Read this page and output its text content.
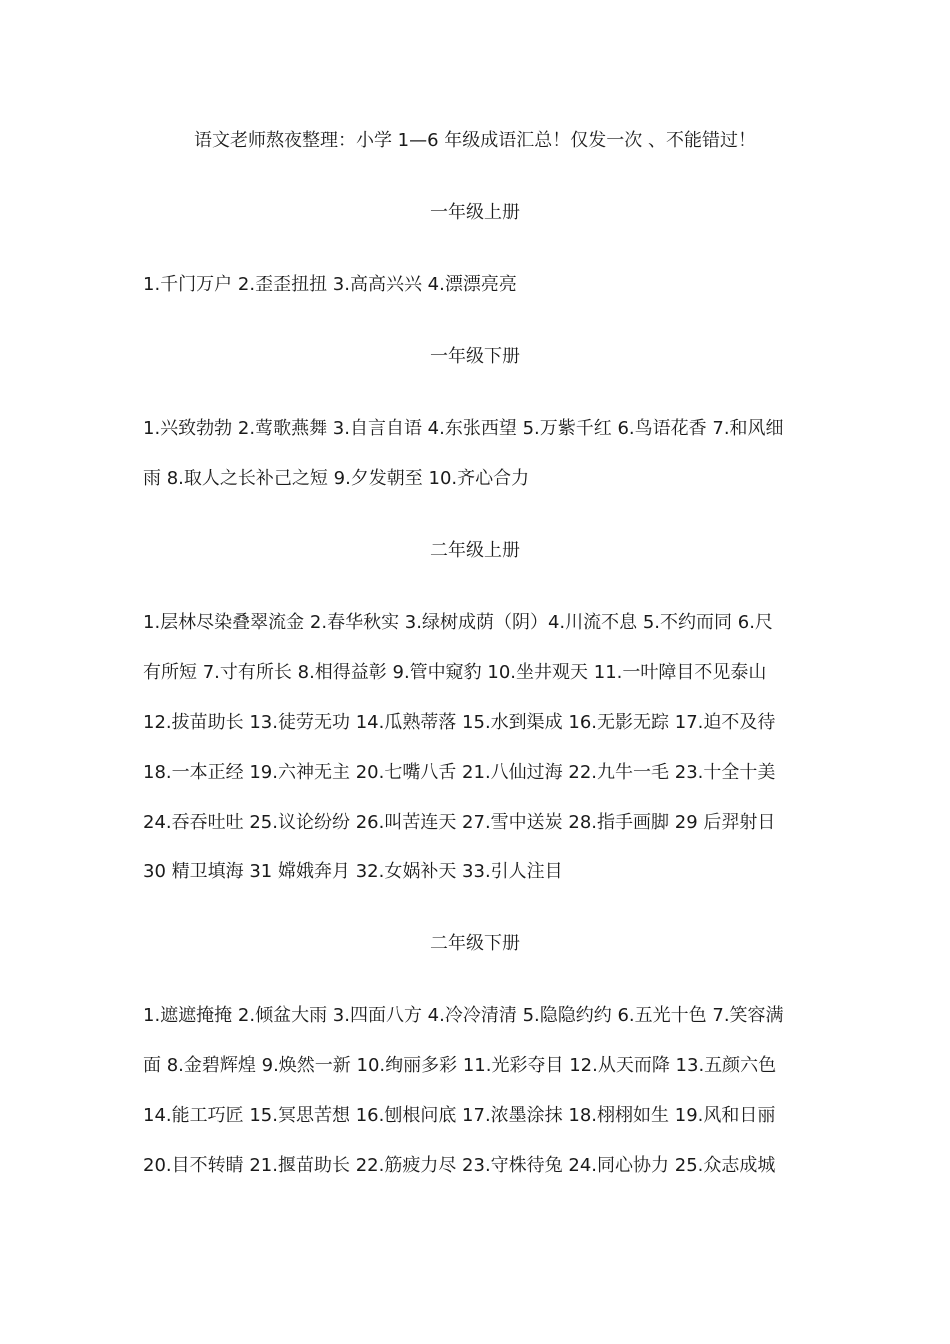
语文老师熬夜整理：小学 1—6 年级成语汇总！仅发一次 、不能错过！
一年级上册
1.千门万户 2.歪歪扭扭 3.高高兴兴 4.漂漂亮亮
一年级下册
1.兴致勃勃 2.莺歌燕舞 3.自言自语 4.东张西望 5.万紫千红 6.鸟语花香 7.和风细
雨 8.取人之长补己之短 9.夕发朝至 10.齐心合力
二年级上册
1.层林尽染叠翠流金 2.春华秋实 3.绿树成荫（阴）4.川流不息 5.不约而同 6.尺
有所短 7.寸有所长 8.相得益彰 9.管中窥豹 10.坐井观天 11.一叶障目不见泰山
12.拔苗助长 13.徒劳无功 14.瓜熟蒂落 15.水到渠成 16.无影无踪 17.迫不及待
18.一本正经 19.六神无主 20.七嘴八舌 21.八仙过海 22.九牛一毛 23.十全十美
24.吞吞吐吐 25.议论纷纷 26.叫苦连天 27.雪中送炭 28.指手画脚 29 后羿射日
30 精卫填海 31 嫦娥奔月 32.女娲补天 33.引人注目
二年级下册
1.遮遮掩掩 2.倾盆大雨 3.四面八方 4.冷冷清清 5.隐隐约约 6.五光十色 7.笑容满
面 8.金碧辉煌 9.焕然一新 10.绚丽多彩 11.光彩夺目 12.从天而降 13.五颜六色
14.能工巧匠 15.冥思苦想 16.刨根问底 17.浓墨涂抹 18.栩栩如生 19.风和日丽
20.目不转睛 21.揠苗助长 22.筋疲力尽 23.守株待兔 24.同心协力 25.众志成城
